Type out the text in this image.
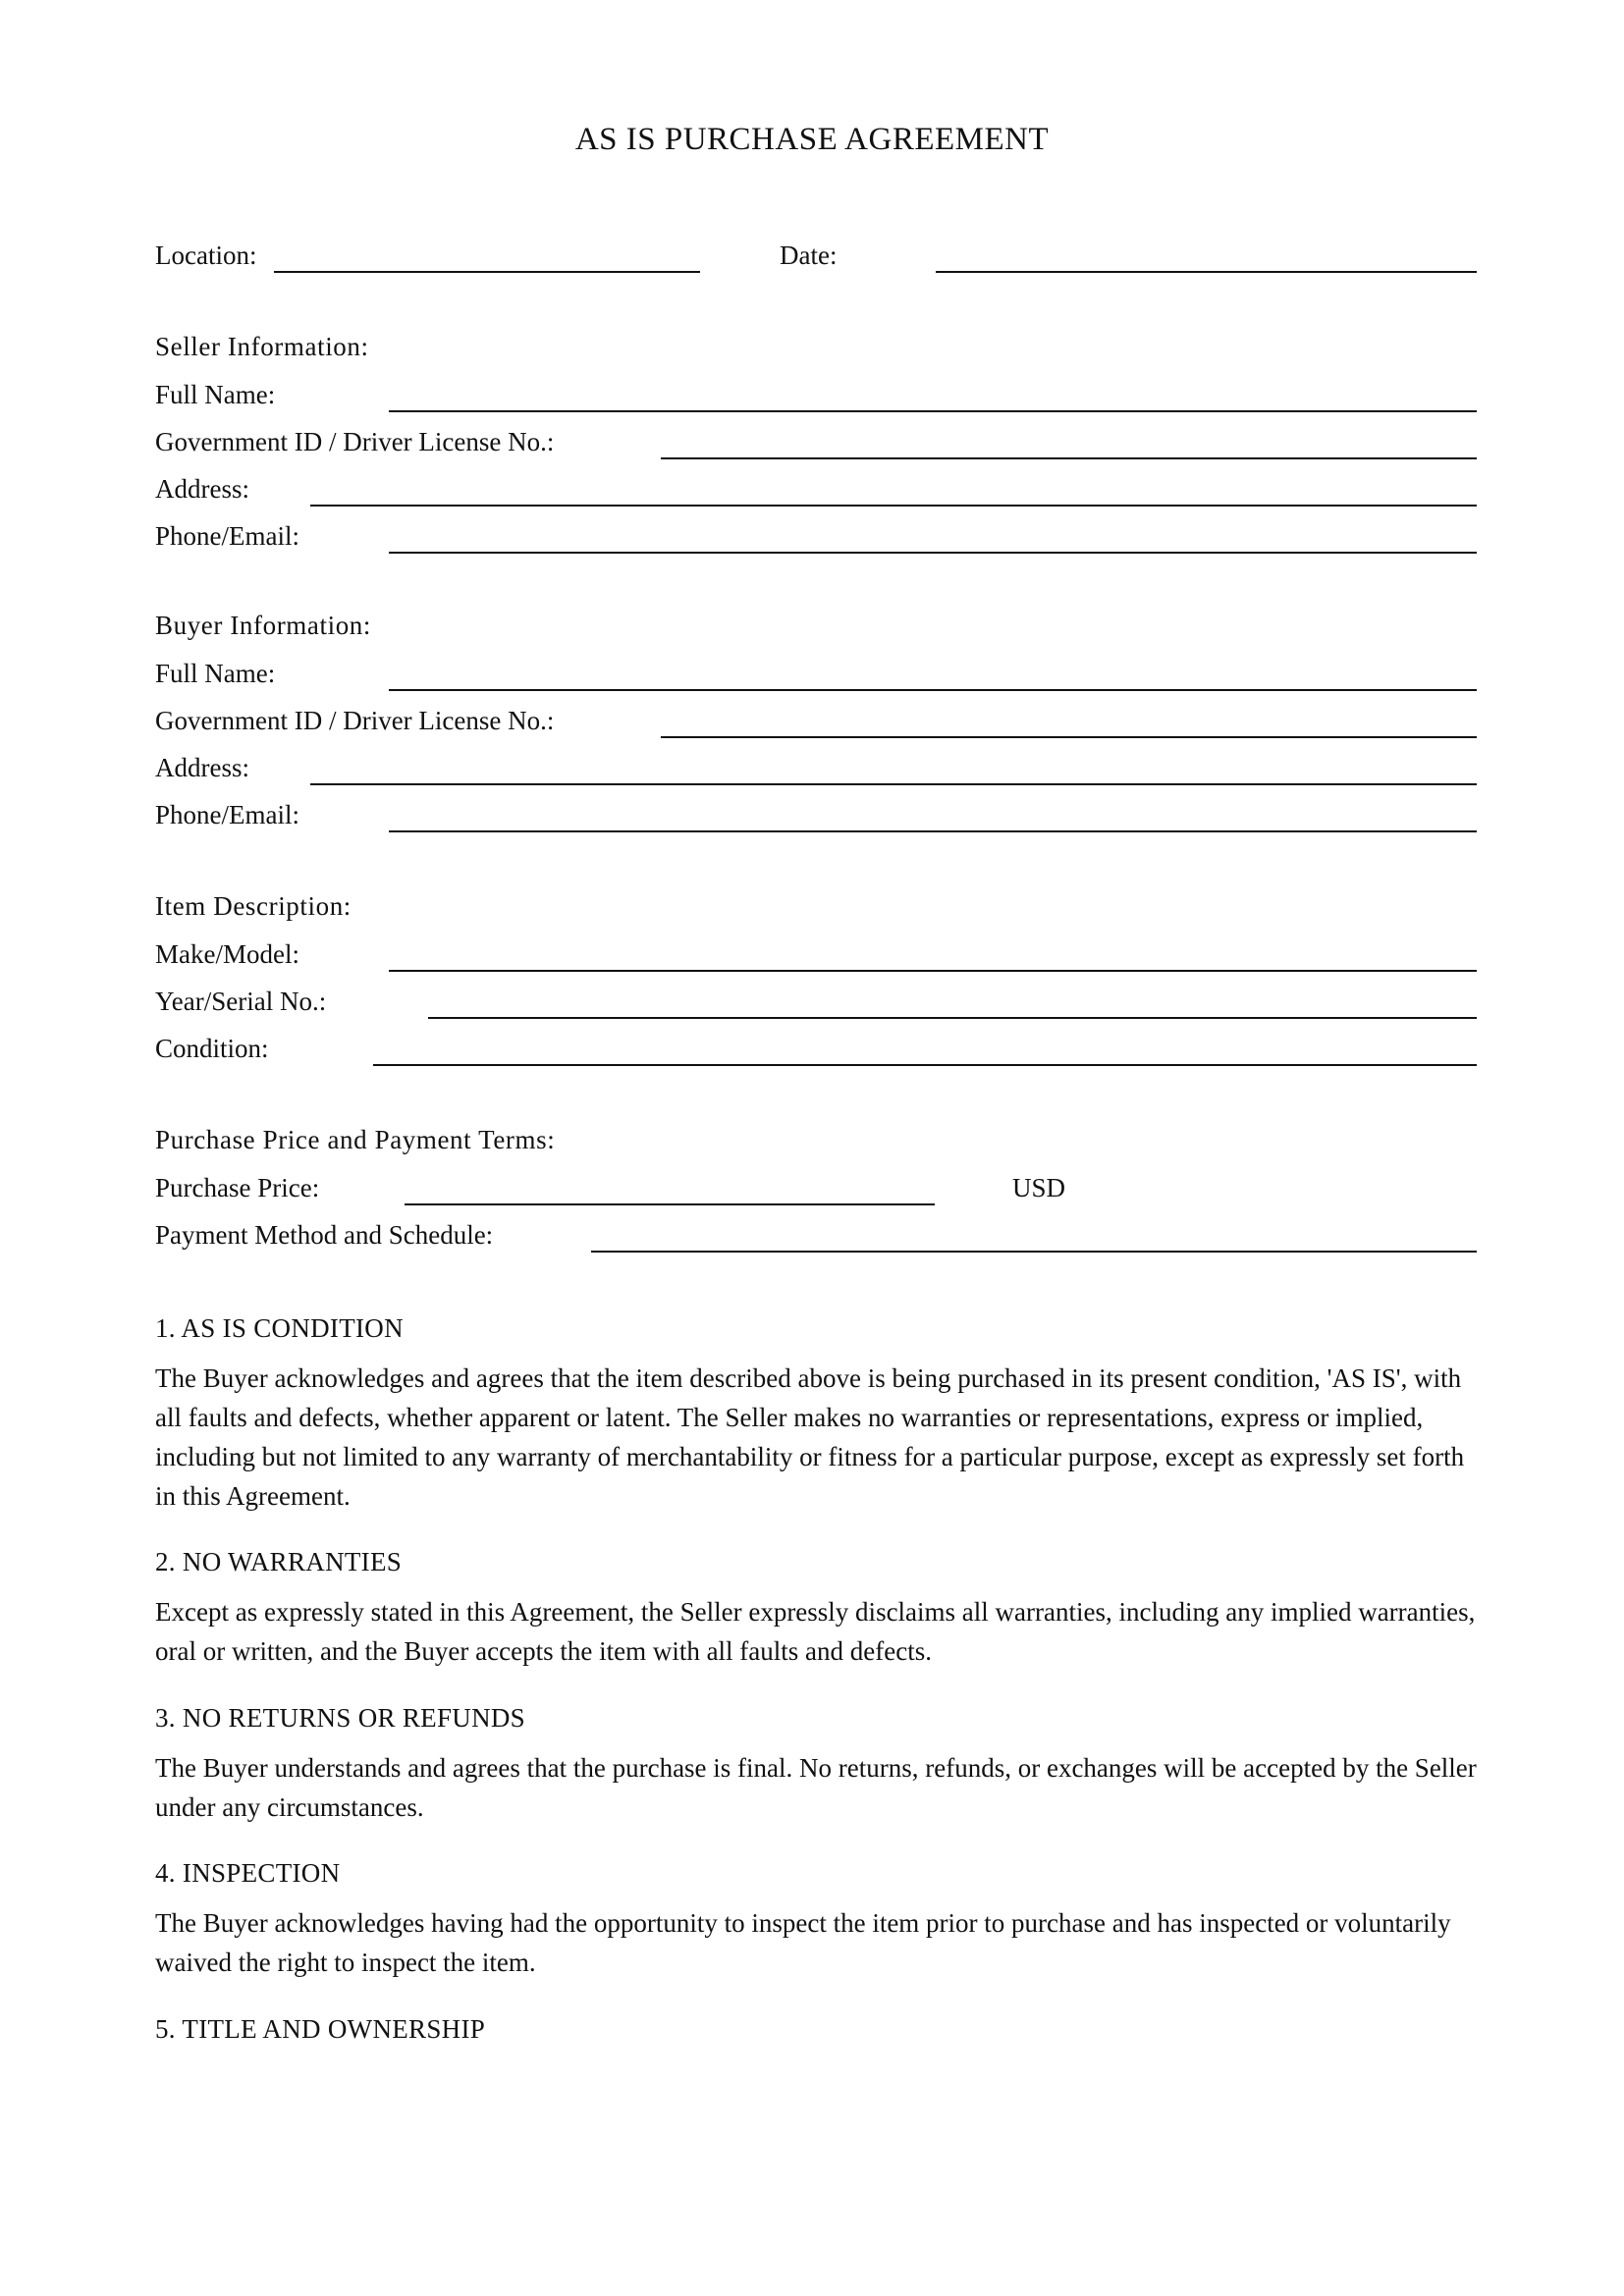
AS IS PURCHASE AGREEMENT
Location:	Date:
Seller Information:
Full Name:
Government ID / Driver License No.:
Address:
Phone/Email:
Buyer Information:
Full Name:
Government ID / Driver License No.:
Address:
Phone/Email:
Item Description:
Make/Model:
Year/Serial No.:
Condition:
Purchase Price and Payment Terms:
Purchase Price:	USD
Payment Method and Schedule:
1. AS IS CONDITION
The Buyer acknowledges and agrees that the item described above is being purchased in its present condition, 'AS IS', with all faults and defects, whether apparent or latent. The Seller makes no warranties or representations, express or implied, including but not limited to any warranty of merchantability or fitness for a particular purpose, except as expressly set forth in this Agreement.
2. NO WARRANTIES
Except as expressly stated in this Agreement, the Seller expressly disclaims all warranties, including any implied warranties, oral or written, and the Buyer accepts the item with all faults and defects.
3. NO RETURNS OR REFUNDS
The Buyer understands and agrees that the purchase is final. No returns, refunds, or exchanges will be accepted by the Seller under any circumstances.
4. INSPECTION
The Buyer acknowledges having had the opportunity to inspect the item prior to purchase and has inspected or voluntarily waived the right to inspect the item.
5. TITLE AND OWNERSHIP
